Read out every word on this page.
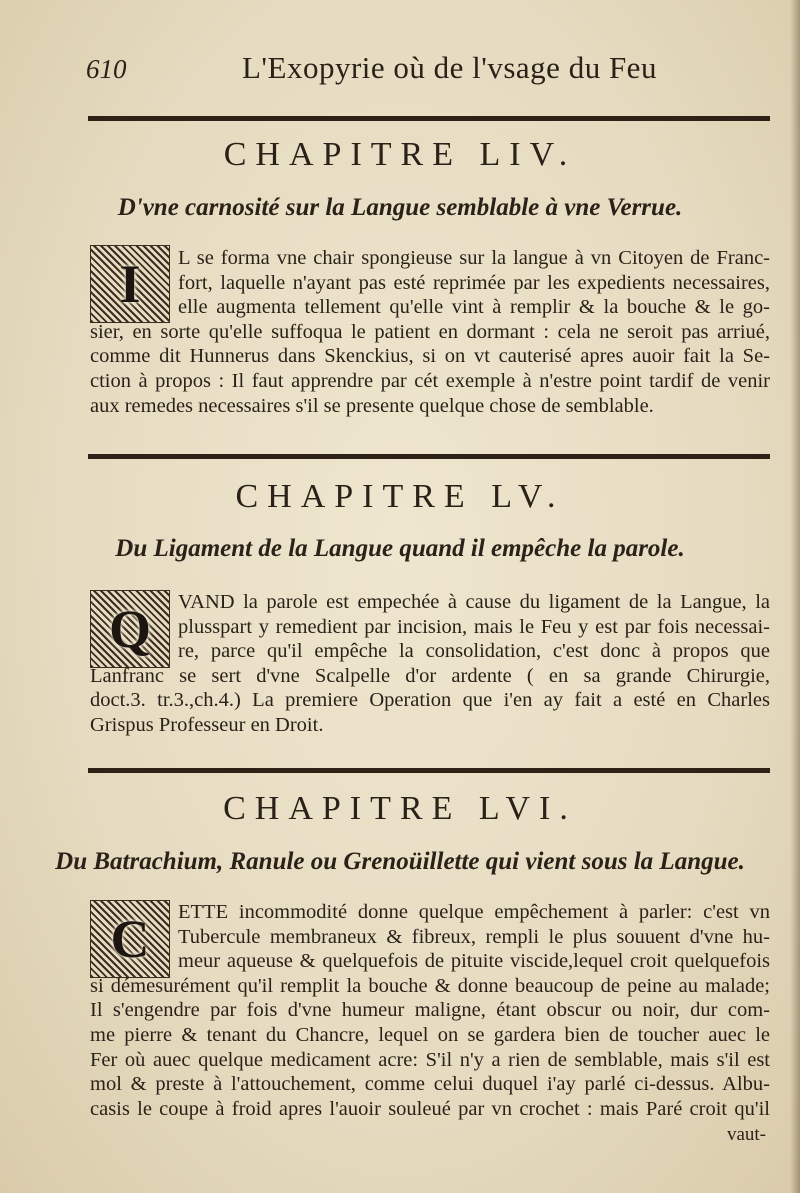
610	L'Exopyrie où de l'vsage du Feu
CHAPITRE LIV.
D'vne carnosité sur la Langue semblable à vne Verrue.
I	L se forma vne chair spongieuse sur la langue à vn Citoyen de Franc-
fort, laquelle n'ayant pas esté reprimée par les expedients necessaires,
elle augmenta tellement qu'elle vint à remplir & la bouche & le go-
sier, en sorte qu'elle suffoqua le patient en dormant : cela ne seroit pas arriué,
comme dit Hunnerus dans Skenckius, si on vt cauterisé apres auoir fait la Se-
ction à propos : Il faut apprendre par cét exemple à n'estre point tardif de venir
aux remedes necessaires s'il se presente quelque chose de semblable.
CHAPITRE LV.
Du Ligament de la Langue quand il empêche la parole.
Q	VAND la parole est empechée à cause du ligament de la Langue, la
plusspart y remedient par incision, mais le Feu y est par fois necessai-
re, parce qu'il empêche la consolidation, c'est donc à propos que
Lanfranc se sert d'vne Scalpelle d'or ardente ( en sa grande Chirurgie,
doct.3. tr.3.,ch.4.) La premiere Operation que i'en ay fait a esté en Charles
Grispus Professeur en Droit.
CHAPITRE LVI.
Du Batrachium, Ranule ou Grenoüillette qui vient sous la Langue.
C	ETTE incommodité donne quelque empêchement à parler: c'est vn
Tubercule membraneux & fibreux, rempli le plus souuent d'vne hu-
meur aqueuse & quelquefois de pituite viscide,lequel croit quelquefois
si démesurément qu'il remplit la bouche & donne beaucoup de peine au malade;
Il s'engendre par fois d'vne humeur maligne, étant obscur ou noir, dur com-
me pierre & tenant du Chancre, lequel on se gardera bien de toucher auec le
Fer où auec quelque medicament acre: S'il n'y a rien de semblable, mais s'il est
mol & preste à l'attouchement, comme celui duquel i'ay parlé ci-dessus. Albu-
casis le coupe à froid apres l'auoir souleué par vn crochet : mais Paré croit qu'il
vaut-
